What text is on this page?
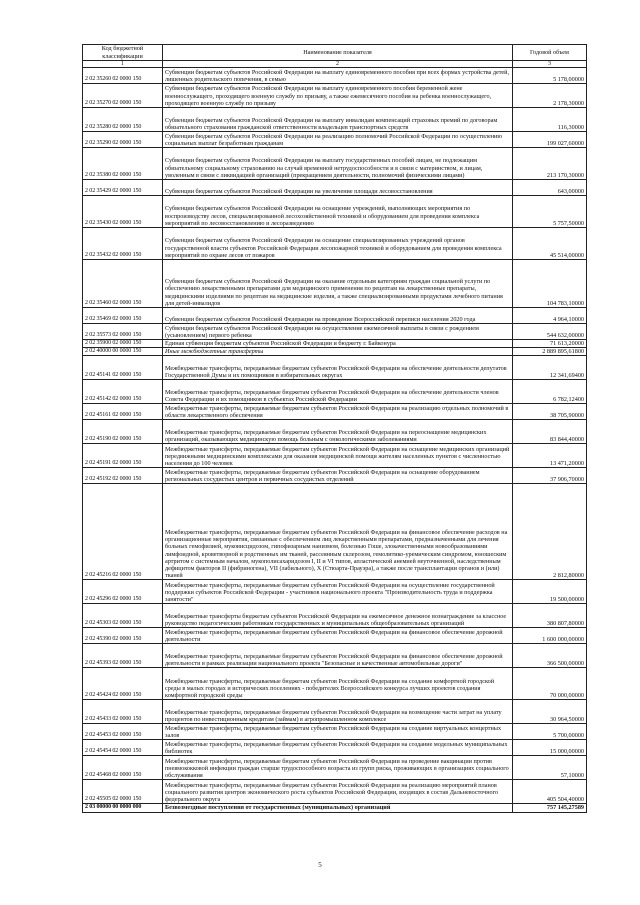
Код бюджетной классификации	Наименование показателя	Годовой объем
1	2	3
2 02 35260 02 0000 150	Субвенции бюджетам субъектов Российской Федерации на выплату единовременного пособия при всех формах устройства детей, лишенных родительского попечения, в семью	5 178,00000
2 02 35270 02 0000 150	Субвенции бюджетам субъектов Российской Федерации на выплату единовременного пособия беременной жене военнослужащего, проходящего военную службу по призыву, а также ежемесячного пособия на ребенка военнослужащего, проходящего военную службу по призыву	2 178,30000
2 02 35280 02 0000 150	Субвенции бюджетам субъектов Российской Федерации на выплату инвалидам компенсаций страховых премий по договорам обязательного страхования гражданской ответственности владельцев транспортных средств	116,30000
2 02 35290 02 0000 150	Субвенции бюджетам субъектов Российской Федерации на реализацию полномочий Российской Федерации по осуществлению социальных выплат безработным гражданам	199 027,60000
2 02 35380 02 0000 150	Субвенции бюджетам субъектов Российской Федерации на выплату государственных пособий лицам, не подлежащим обязательному социальному страхованию на случай временной нетрудоспособности и в связи с материнством, и лицам, уволенным в связи с ликвидацией организаций (прекращением деятельности, полномочий физическими лицами)	213 170,30000
2 02 35429 02 0000 150	Субвенции бюджетам субъектов Российской Федерации на увеличение площади лесовосстановления	643,00000
2 02 35430 02 0000 150	Субвенции бюджетам субъектов Российской Федерации на оснащение учреждений, выполняющих мероприятия по воспроизводству лесов, специализированной лесохозяйственной техникой и оборудованием для проведения комплекса мероприятий по лесовосстановлению и лесоразведению	5 757,50000
2 02 35432 02 0000 150	Субвенции бюджетам субъектов Российской Федерации на оснащение специализированных учреждений органов государственной власти субъектов Российской Федерации лесопожарной техникой и оборудованием для проведения комплекса мероприятий по охране лесов от пожаров	45 514,00000
2 02 35460 02 0000 150	Субвенции бюджетам субъектов Российской Федерации на оказание отдельным категориям граждан социальной услуги по обеспечению лекарственными препаратами для медицинского применения по рецептам на лекарственные препараты, медицинскими изделиями по рецептам на медицинские изделия, а также специализированными продуктами лечебного питания для детей-инвалидов	104 783,10000
2 02 35469 02 0000 150	Субвенции бюджетам субъектов Российской Федерации на проведение Всероссийской переписи населения 2020 года	4 964,10000
2 02 35573 02 0000 150	Субвенции бюджетам субъектов Российской Федерации на осуществление ежемесячной выплаты в связи с рождением (усыновлением) первого ребенка	544 632,00000
2 02 35900 02 0000 150	Единая субвенция бюджетам субъектов Российской Федерации и бюджету г. Байконура	71 613,20000
2 02 40000 00 0000 150	Иные межбюджетные трансферты	2 889 895,61800
2 02 45141 02 0000 150	Межбюджетные трансферты, передаваемые бюджетам субъектов Российской Федерации на обеспечение деятельности депутатов Государственной Думы и их помощников в избирательных округах	12 341,69400
2 02 45142 02 0000 150	Межбюджетные трансферты, передаваемые бюджетам субъектов Российской Федерации на обеспечение деятельности членов Совета Федерации и их помощников в субъектах Российской Федерации	6 782,12400
2 02 45161 02 0000 150	Межбюджетные трансферты, передаваемые бюджетам субъектов Российской Федерации на реализацию отдельных полномочий в области лекарственного обеспечения	38 705,90000
2 02 45190 02 0000 150	Межбюджетные трансферты, передаваемые бюджетам субъектов Российской Федерации на переоснащение медицинских организаций, оказывающих медицинскую помощь больным с онкологическими заболеваниями	83 844,40000
2 02 45191 02 0000 150	Межбюджетные трансферты, передаваемые бюджетам субъектов Российской Федерации на оснащение медицинских организаций передвижными медицинскими комплексами для оказания медицинской помощи жителям населенных пунктов с численностью населения до 100 человек	13 471,20000
2 02 45192 02 0000 150	Межбюджетные трансферты, передаваемые бюджетам субъектов Российской Федерации на оснащение оборудованием региональных сосудистых центров и первичных сосудистых отделений	37 906,70000
2 02 45216 02 0000 150	Межбюджетные трансферты, передаваемые бюджетам субъектов Российской Федерации на финансовое обеспечение расходов на организационные мероприятия, связанные с обеспечением лиц лекарственными препаратами, предназначенными для лечения больных гемофилией, муковисцидозом, гипофизарным нанизмом, болезнью Гоше, злокачественными новообразованиями лимфоидной, кроветворной и родственных им тканей, рассеянным склерозом, гемолитико-уремическим синдромом, юношеским артритом с системным началом, мукополисахаридозом I, II и VI типов, апластической анемией неуточненной, наследственным дефицитом факторов II (фибриногена), VII (лабильного), X (Стюарта-Прауэра), а также после трансплантации органов и (или) тканей	2 812,80000
2 02 45296 02 0000 150	Межбюджетные трансферты, передаваемые бюджетам субъектов Российской Федерации на осуществление государственной поддержки субъектов Российской Федерации - участников национального проекта "Производительность труда и поддержка занятости"	19 500,00000
2 02 45303 02 0000 150	Межбюджетные трансферты бюджетам субъектов Российской Федерации на ежемесячное денежное вознаграждение за классное руководство педагогическим работникам государственных и муниципальных общеобразовательных организаций	380 807,80000
2 02 45390 02 0000 150	Межбюджетные трансферты, передаваемые бюджетам субъектов Российской Федерации на финансовое обеспечение дорожной деятельности	1 600 000,00000
2 02 45393 02 0000 150	Межбюджетные трансферты, передаваемые бюджетам субъектов Российской Федерации на финансовое обеспечение дорожной деятельности в рамках реализации национального проекта "Безопасные и качественные автомобильные дороги"	366 500,00000
2 02 45424 02 0000 150	Межбюджетные трансферты, передаваемые бюджетам субъектов Российской Федерации на создание комфортной городской среды в малых городах и исторических поселениях - победителях Всероссийского конкурса лучших проектов создания комфортной городской среды	70 000,00000
2 02 45433 02 0000 150	Межбюджетные трансферты, передаваемые бюджетам субъектов Российской Федерации на возмещение части затрат на уплату процентов по инвестиционным кредитам (займам) в агропромышленном комплексе	30 964,50000
2 02 45453 02 0000 150	Межбюджетные трансферты, передаваемые бюджетам субъектов Российской Федерации на создание виртуальных концертных залов	5 700,00000
2 02 45454 02 0000 150	Межбюджетные трансферты, передаваемые бюджетам субъектов Российской Федерации на создание модельных муниципальных библиотек	15 000,00000
2 02 45468 02 0000 150	Межбюджетные трансферты, передаваемые бюджетам субъектов Российской Федерации на проведение вакцинации против пневмококковой инфекции граждан старше трудоспособного возраста из групп риска, проживающих в организациях социального обслуживания	57,10000
2 02 45505 02 0000 150	Межбюджетные трансферты, передаваемые бюджетам субъектов Российской Федерации на реализацию мероприятий планов социального развития центров экономического роста субъектов Российской Федерации, входящих в состав Дальневосточного федерального округа	405 504,40000
2 03 00000 00 0000 000	Безвозмездные поступления от государственных (муниципальных) организаций	757 145,27589
5
